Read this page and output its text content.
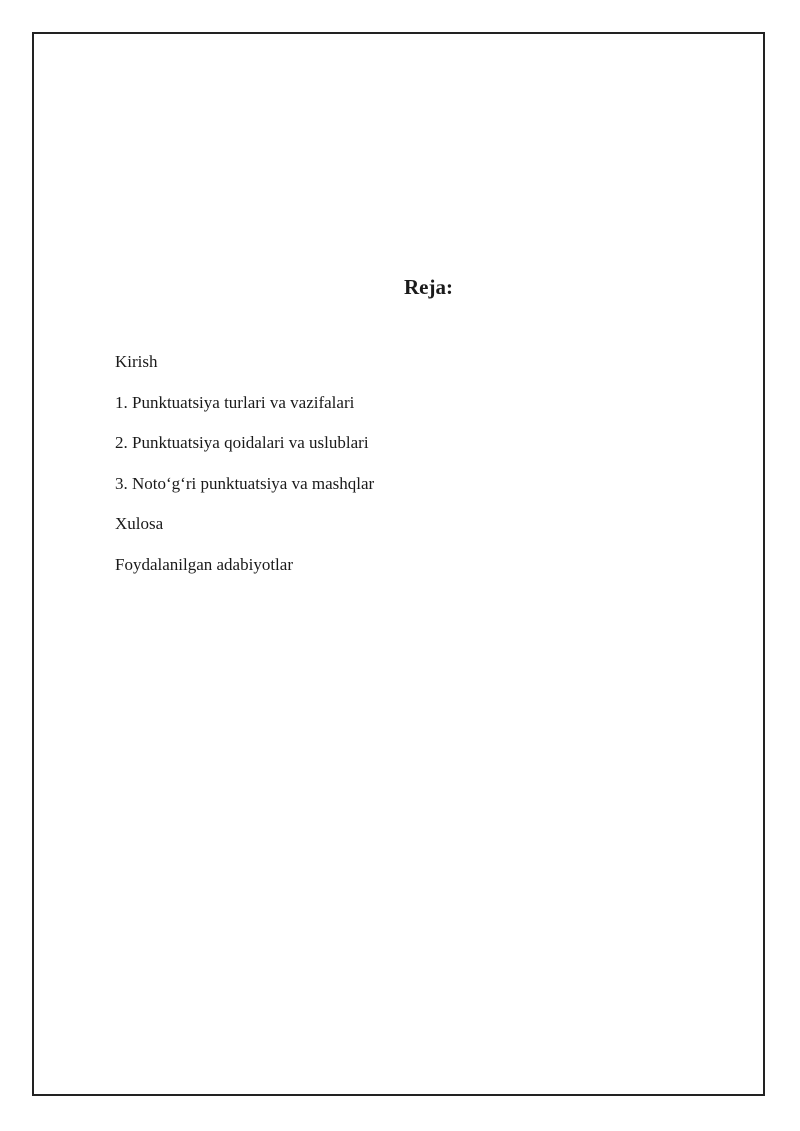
Reja:
Kirish
1. Punktuatsiya turlari va vazifalari
2. Punktuatsiya qoidalari va uslublari
3. Noto‘g‘ri punktuatsiya va mashqlar
Xulosa
Foydalanilgan adabiyotlar
